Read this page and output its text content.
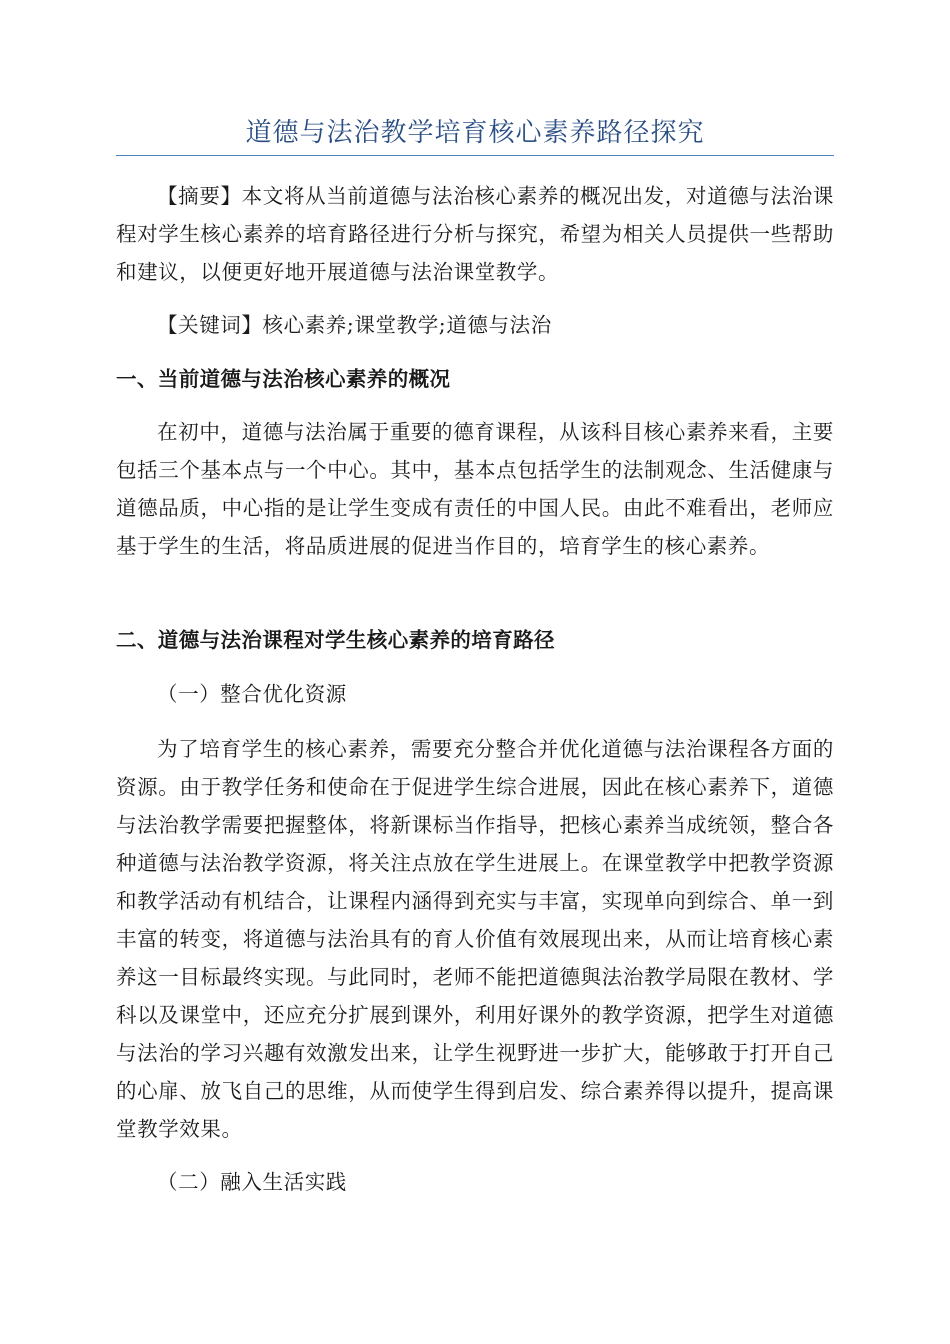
道德与法治教学培育核心素养路径探究

【摘要】本文将从当前道德与法治核心素养的概况出发，对道德与法治课程对学生核心素养的培育路径进行分析与探究，希望为相关人员提供一些帮助和建议，以便更好地开展道德与法治课堂教学。

【关键词】核心素养;课堂教学;道德与法治
一、当前道德与法治核心素养的概况

在初中，道德与法治属于重要的德育课程，从该科目核心素养来看，主要包括三个基本点与一个中心。其中，基本点包括学生的法制观念、生活健康与道德品质，中心指的是让学生变成有责任的中国人民。由此不难看出，老师应基于学生的生活，将品质进展的促进当作目的，培育学生的核心素养。

二、道德与法治课程对学生核心素养的培育路径
（一）整合优化资源

为了培育学生的核心素养，需要充分整合并优化道德与法治课程各方面的资源。由于教学任务和使命在于促进学生综合进展，因此在核心素养下，道德与法治教学需要把握整体，将新课标当作指导，把核心素养当成统领，整合各种道德与法治教学资源，将关注点放在学生进展上。在课堂教学中把教学资源和教学活动有机结合，让课程内涵得到充实与丰富，实现单向到综合、单一到丰富的转变，将道德与法治具有的育人价值有效展现出来，从而让培育核心素养这一目标最终实现。与此同时，老师不能把道德與法治教学局限在教材、学科以及课堂中，还应充分扩展到课外，利用好课外的教学资源，把学生对道德与法治的学习兴趣有效激发出来，让学生视野进一步扩大，能够敢于打开自己的心扉、放飞自己的思维，从而使学生得到启发、综合素养得以提升，提高课堂教学效果。

（二）融入生活实践
